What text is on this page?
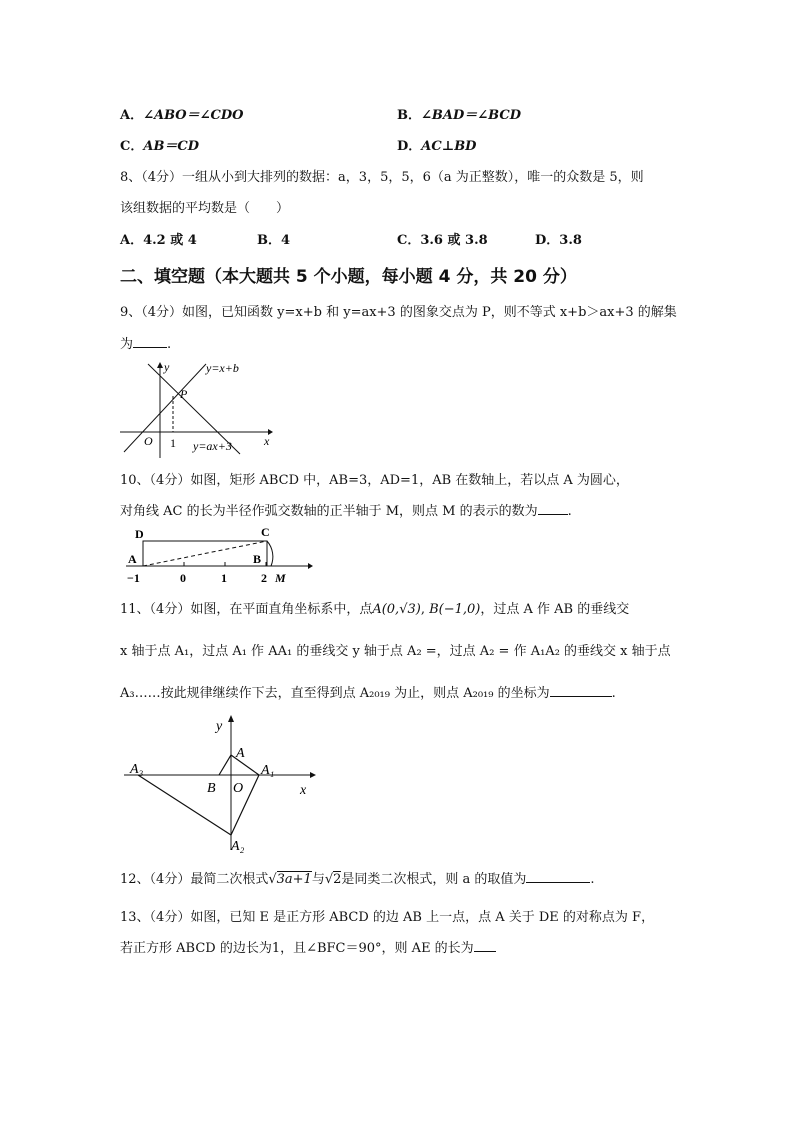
A．∠ABO＝∠CDO	B．∠BAD＝∠BCD
C．AB＝CD	D．AC⊥BD
8、（4分）一组从小到大排列的数据：a，3，5，5，6（a 为正整数），唯一的众数是 5，则
该组数据的平均数是（　　）
A．4.2 或 4	B．4	C．3.6 或 3.8	D．3.8
二、填空题（本大题共 5 个小题，每小题 4 分，共 20 分）
9、（4分）如图，已知函数 y=x+b 和 y=ax+3 的图象交点为 P，则不等式 x+b＞ax+3 的解集
为	.
y	y=x+b
P
O 1 y=ax+3	x
10、（4分）如图，矩形 ABCD 中，AB=3，AD=1，AB 在数轴上，若以点 A 为圆心，
对角线 AC 的长为半径作弧交数轴的正半轴于 M，则点 M 的表示的数为 .
D	C
A	B
M
−1	0	1	2
11、（4分）如图，在平面直角坐标系中，点A(0,√3), B(−1,0)，过点 A 作 AB 的垂线交
x 轴于点 A₁，过点 A₁ 作 AA₁ 的垂线交 y 轴于点 A₂ =，过点 A₂ = 作 A₁A₂ 的垂线交 x 轴于点
A₃……按此规律继续作下去，直至得到点 A₂₀₁₉ 为止，则点 A₂₀₁₉ 的坐标为	.
y
x
A
A₁
A₃
B O
A₂
12、（4分）最简二次根式√3a+1与√2是同类二次根式，则 a 的取值为	.
13、（4分）如图，已知 E 是正方形 ABCD 的边 AB 上一点，点 A 关于 DE 的对称点为 F，
若正方形 ABCD 的边长为1，且∠BFC＝90°，则 AE 的长为
